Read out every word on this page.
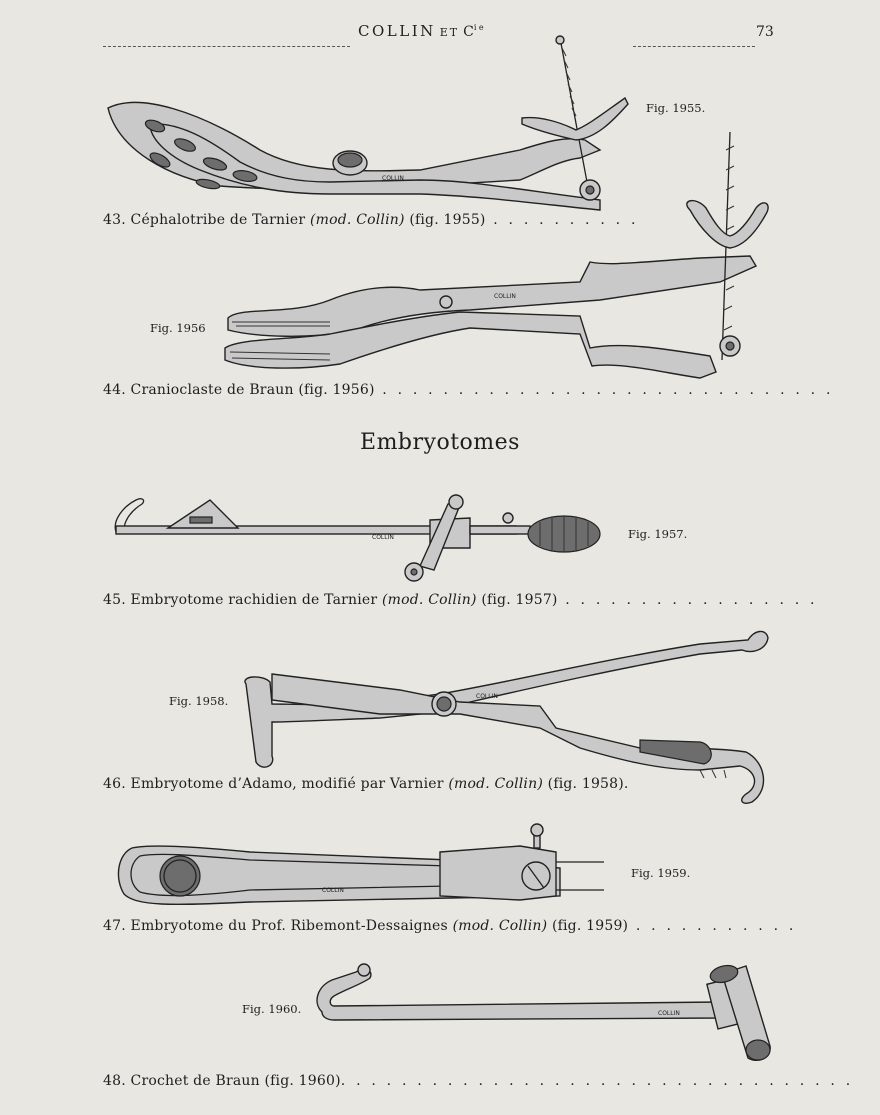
COLLIN ET $C^{ie}$	73
COLLIN
Fig. 1955.
43. Céphalotribe de Tarnier (mod. Collin) (fig. 1955) . . . . . . . . . .
COLLIN
Fig. 1956
44. Cranioclaste de Braun (fig. 1956) . . . . . . . . . . . . . . . . . . . . . . . . . . . . . .
Embryotomes
COLLIN	Fig. 1957.
45. Embryotome rachidien de Tarnier (mod. Collin) (fig. 1957) . . . . . . . . . . . . . . . . .
COLLIN
Fig. 1958.
46. Embryotome d’Adamo, modifié par Varnier (mod. Collin) (fig. 1958).
COLLIN
Fig. 1959.
47. Embryotome du Prof. Ribemont-Dessaignes (mod. Collin) (fig. 1959) . . . . . . . . . . .
COLLIN
Fig. 1960.
48. Crochet de Braun (fig. 1960). . . . . . . . . . . . . . . . . . . . . . . . . . . . . . . . . .
